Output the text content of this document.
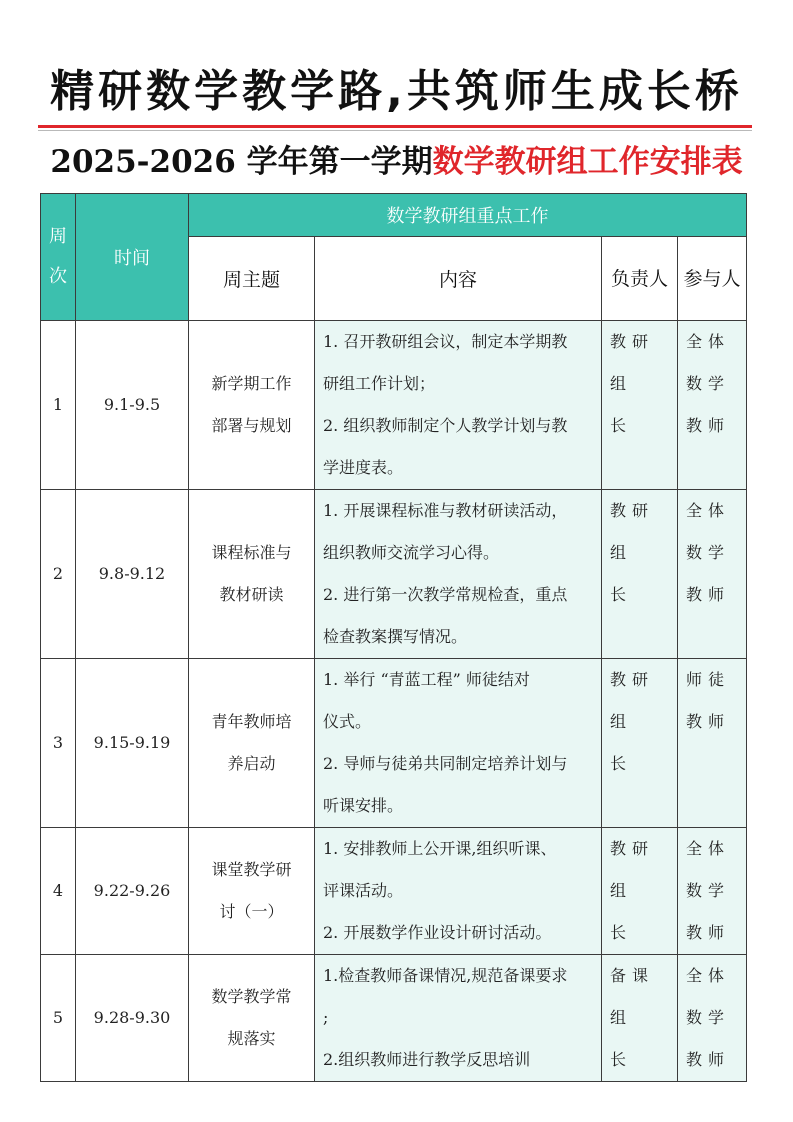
精研数学教学路,共筑师生成长桥
2025-2026 学年第一学期数学教研组工作安排表
周次	时间	数学教研组重点工作			
		周主题	内容	负责人	参与人

1	9.1-9.5	新学期工作
部署与规划	1. 召开教研组会议，制定本学期教
研组工作计划；
2. 组织教师制定个人教学计划与教
学进度表。	教研组
长	全体
数学
教师

2	9.8-9.12	课程标准与
教材研读	1. 开展课程标准与教材研读活动，
组织教师交流学习心得。
2. 进行第一次教学常规检查，重点
检查教案撰写情况。	教研组
长	全体
数学
教师

3	9.15-9.19	青年教师培
养启动	1. 举行 “青蓝工程” 师徒结对
仪式。
2. 导师与徒弟共同制定培养计划与
听课安排。	教研组
长	师徒
教师

4	9.22-9.26	课堂教学研
讨（一）	1. 安排教师上公开课,组织听课、
评课活动。
2. 开展数学作业设计研讨活动。	教研组
长	全体
数学
教师

5	9.28-9.30	数学教学常
规落实	1.检查教师备课情况,规范备课要求
;
2.组织教师进行教学反思培训	备课组
长	全体
数学
教师
